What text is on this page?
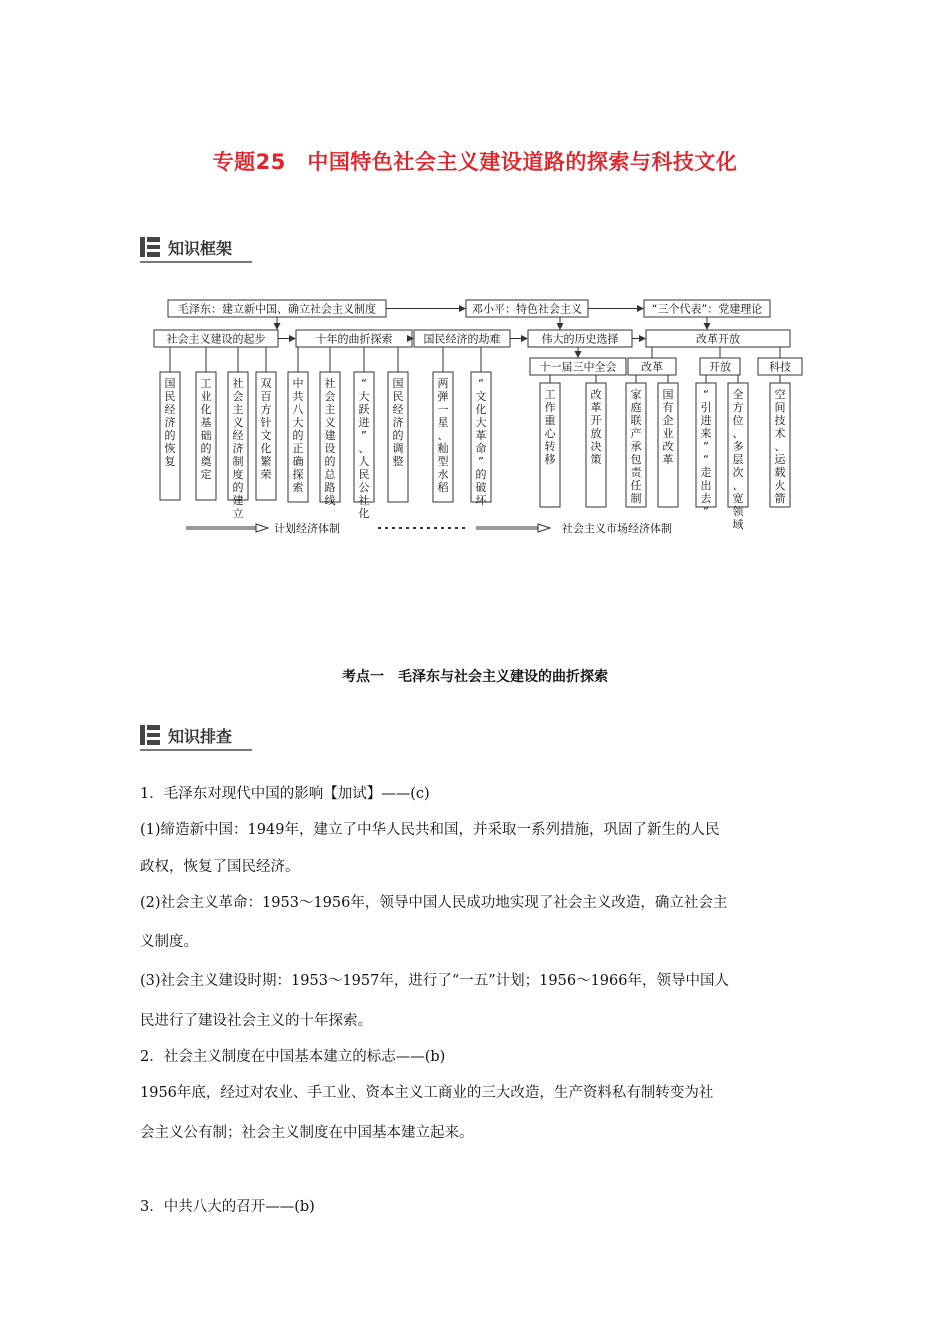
专题25　中国特色社会主义建设道路的探索与科技文化
知识框架
毛泽东：建立新中国、确立社会主义制度	邓小平：特色社会主义	“三个代表”：党建理论
社会主义建设的起步	十年的曲折探索	国民经济的劫难	伟大的历史选择	改革开放
十一届三中全会 改革	开放	科技
国
民
经
济
的
恢
复
工
业
化
基
础
的
奠
定
社
会
主
义
经
济
制
度
的
建
立
双
百
方
针
文
化
繁
荣
中
共
八
大
的
正
确
探
索
社
会
主
义
建
设
的
总
路
线
“
大
跃
进
”
、
人
民
公
社
化
国
民
经
济
的
调
整
两
弹
一
星
、
籼
型
水
稻
“
文
化
大
革
命
”
的
破
坏
工
作
重
心
转
移
改
革
开
放
决
策
家
庭
联
产
承
包
责
任
制
国
有
企
业
改
革
“
引
进
来
”
“
走
出
去
”
全
方
位
、
多
层
次
、
宽
领
域
空
间
技
术
、
运
载
火
箭
计划经济体制	社会主义市场经济体制
考点一　毛泽东与社会主义建设的曲折探索
知识排查
1．毛泽东对现代中国的影响【加试】——(c)
(1)缔造新中国：1949年，建立了中华人民共和国，并采取一系列措施，巩固了新生的人民
政权，恢复了国民经济。
(2)社会主义革命：1953～1956年，领导中国人民成功地实现了社会主义改造，确立社会主
义制度。
(3)社会主义建设时期：1953～1957年，进行了“一五”计划；1956～1966年，领导中国人
民进行了建设社会主义的十年探索。
2．社会主义制度在中国基本建立的标志——(b)
1956年底，经过对农业、手工业、资本主义工商业的三大改造，生产资料私有制转变为社
会主义公有制；社会主义制度在中国基本建立起来。
3．中共八大的召开——(b)
